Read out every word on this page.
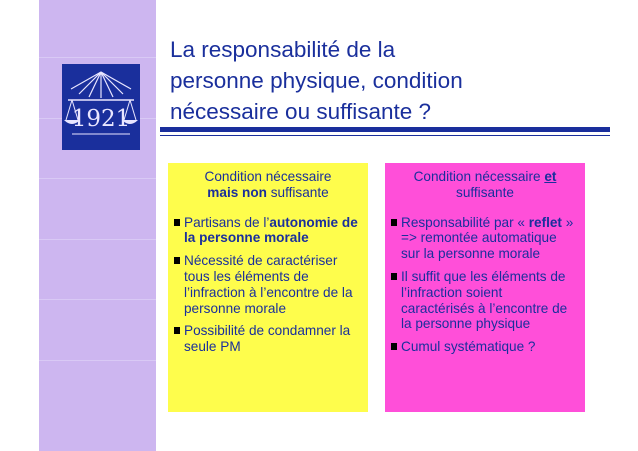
1921
La responsabilité de la
personne physique, condition
nécessaire ou suffisante ?
Condition nécessaire
mais non suffisante
Partisans de l’autonomie de la personne morale
Nécessité de caractériser tous les éléments de l’infraction à l’encontre de la personne morale
Possibilité de condamner la seule PM
Condition nécessaire et
suffisante
Responsabilité par « reflet » => remontée automatique sur la personne morale
Il suffit que les éléments de l’infraction soient caractérisés à l’encontre de la personne physique
Cumul systématique ?
